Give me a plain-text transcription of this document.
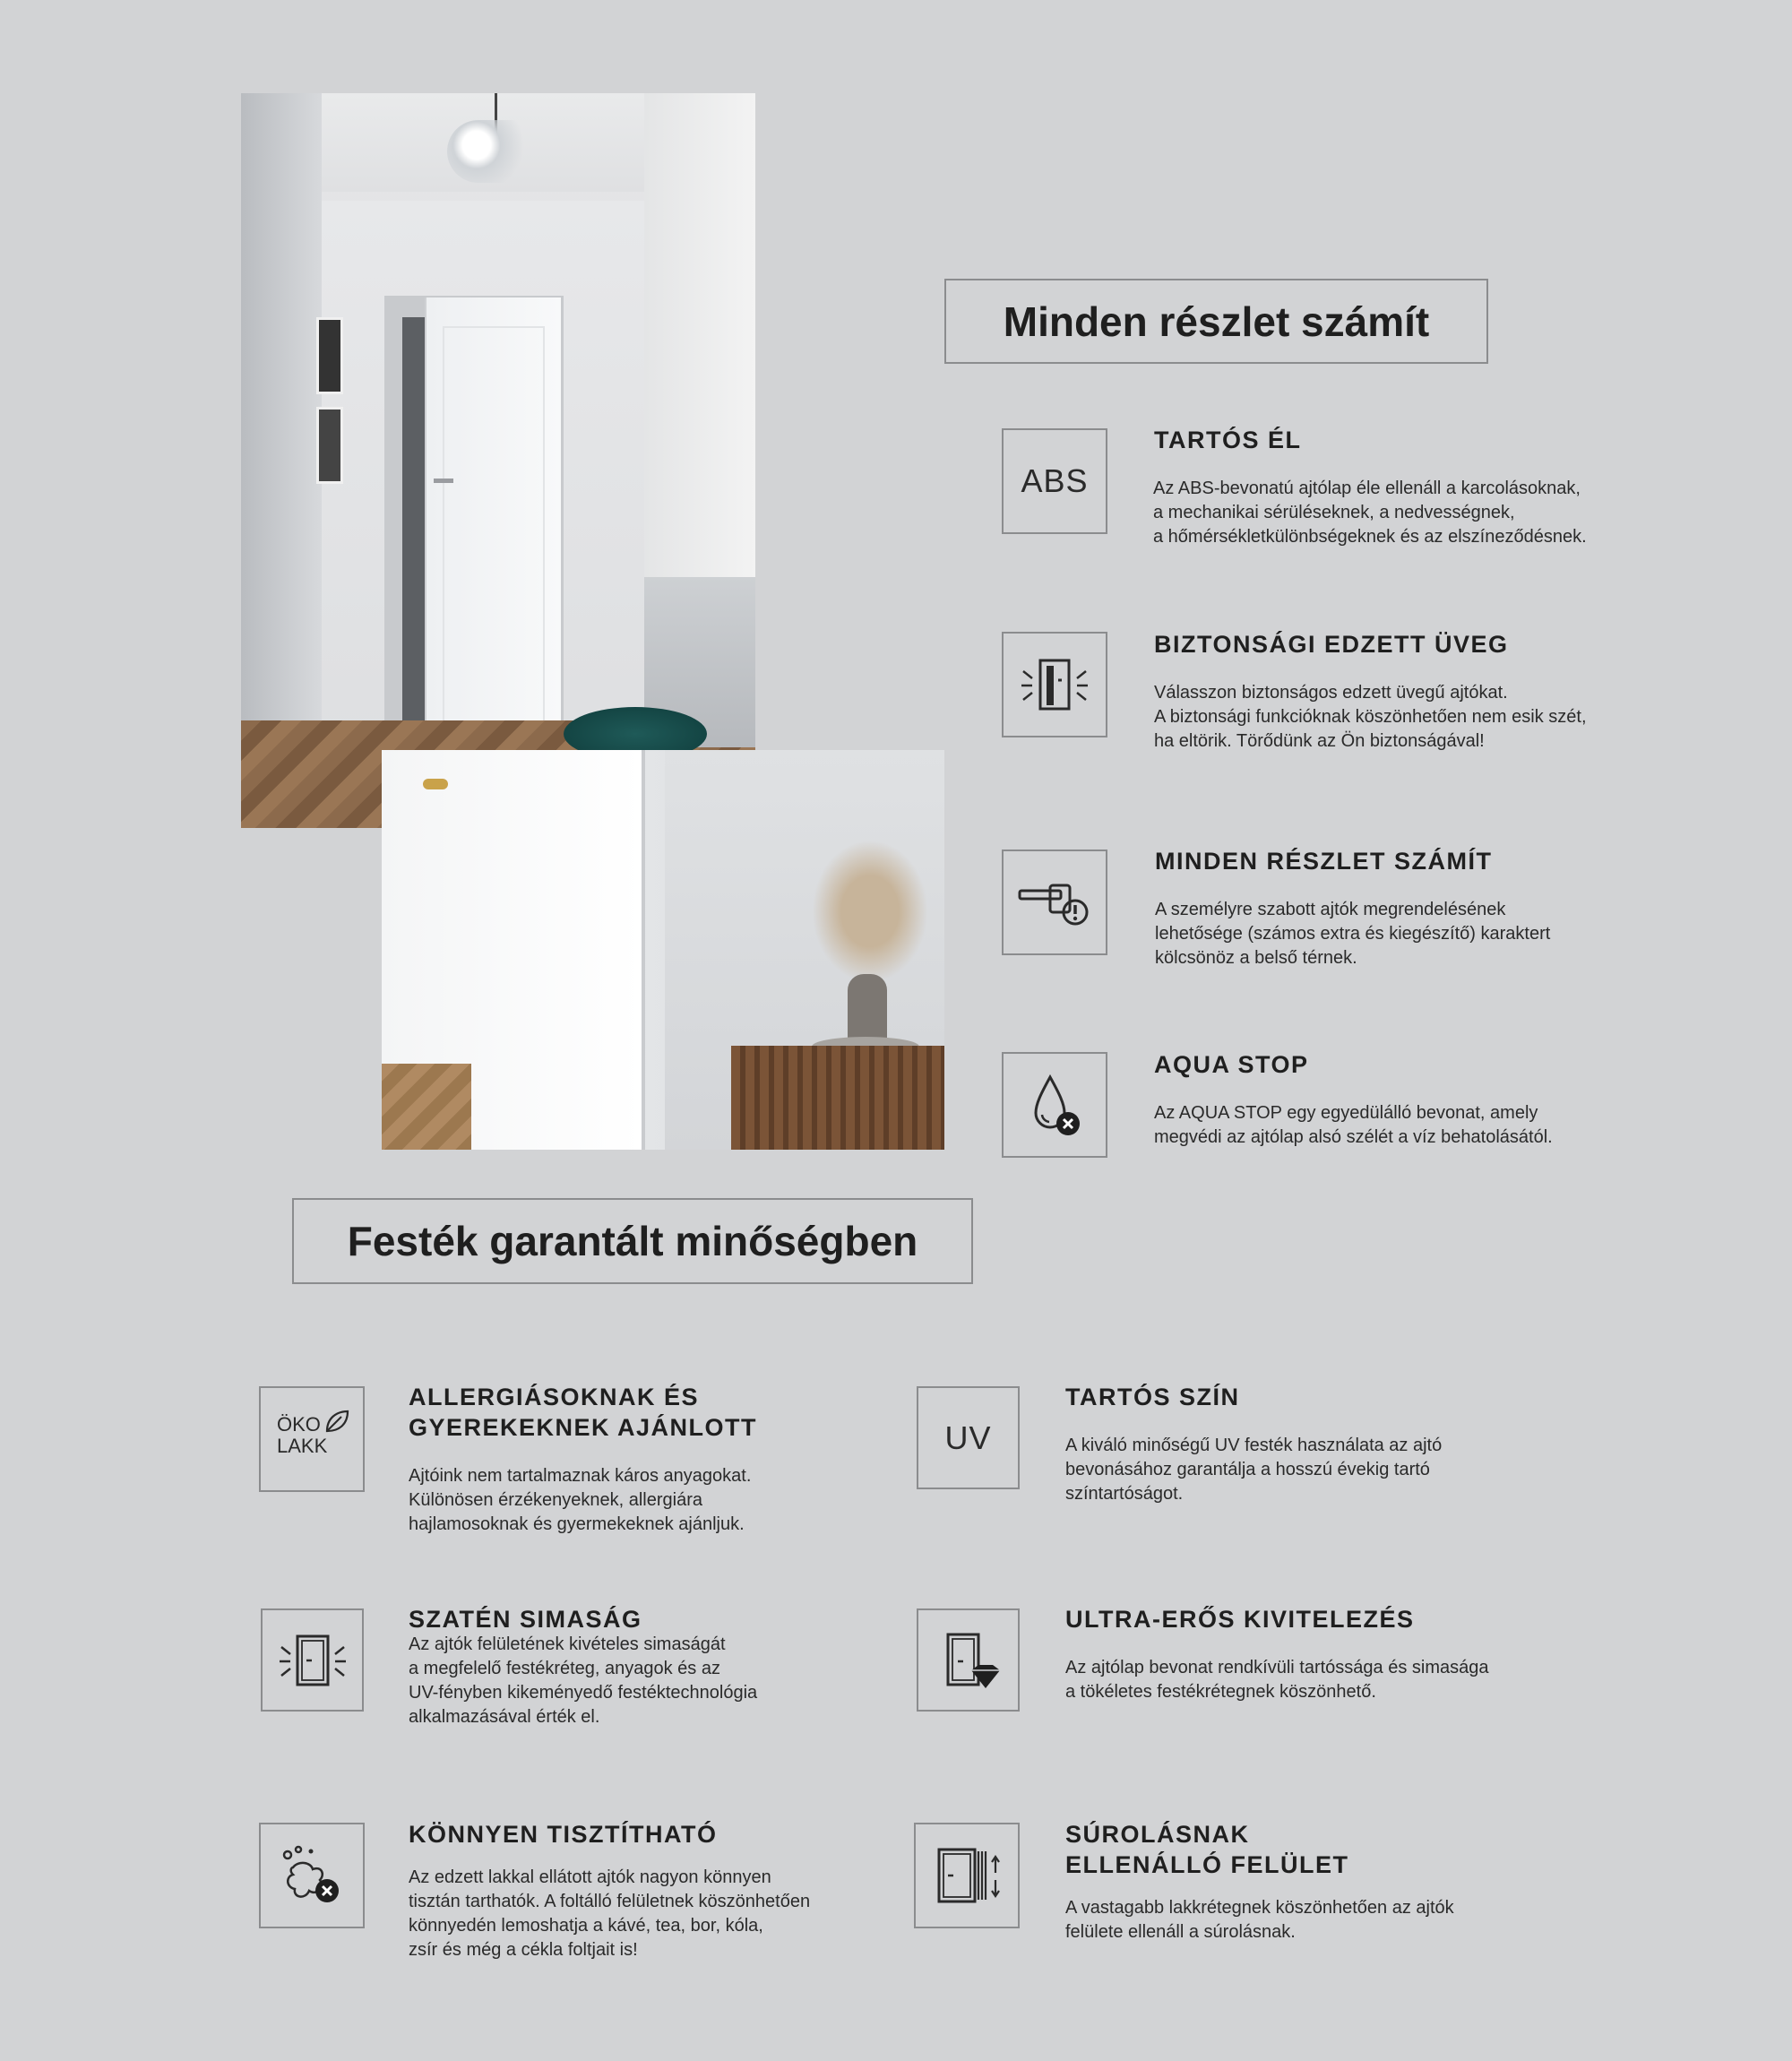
Minden részlet számít
ABS
TARTÓS ÉL
Az ABS-bevonatú ajtólap éle ellenáll a karcolásoknak,
a mechanikai sérüléseknek, a nedvességnek,
a hőmérsékletkülönbségeknek és az elszíneződésnek.
BIZTONSÁGI EDZETT ÜVEG
Válasszon biztonságos edzett üvegű ajtókat.
A biztonsági funkcióknak köszönhetően nem esik szét,
ha eltörik. Törődünk az Ön biztonságával!
MINDEN RÉSZLET SZÁMÍT
A személyre szabott ajtók megrendelésének
lehetősége (számos extra és kiegészítő) karaktert
kölcsönöz a belső térnek.
AQUA STOP
Az AQUA STOP egy egyedülálló bevonat, amely
megvédi az ajtólap alsó szélét a víz behatolásától.
Festék garantált minőségben
ÖKO
LAKK
ALLERGIÁSOKNAK ÉS
GYEREKEKNEK AJÁNLOTT
Ajtóink nem tartalmaznak káros anyagokat.
Különösen érzékenyeknek, allergiára
hajlamosoknak és gyermekeknek ajánljuk.
UV
TARTÓS SZÍN
A kiváló minőségű UV festék használata az ajtó
bevonásához garantálja a hosszú évekig tartó
színtartóságot.
SZATÉN SIMASÁG
Az ajtók felületének kivételes simaságát
a megfelelő festékréteg, anyagok és az
UV-fényben kikeményedő festéktechnológia
alkalmazásával érték el.
ULTRA-ERŐS KIVITELEZÉS
Az ajtólap bevonat rendkívüli tartóssága és simasága
a tökéletes festékrétegnek köszönhető.
KÖNNYEN TISZTÍTHATÓ
Az edzett lakkal ellátott ajtók nagyon könnyen
tisztán tarthatók. A foltálló felületnek köszönhetően
könnyedén lemoshatja a kávé, tea, bor, kóla,
zsír és még a cékla foltjait is!
SÚROLÁSNAK
ELLENÁLLÓ FELÜLET
A vastagabb lakkrétegnek köszönhetően az ajtók
felülete ellenáll a súrolásnak.
